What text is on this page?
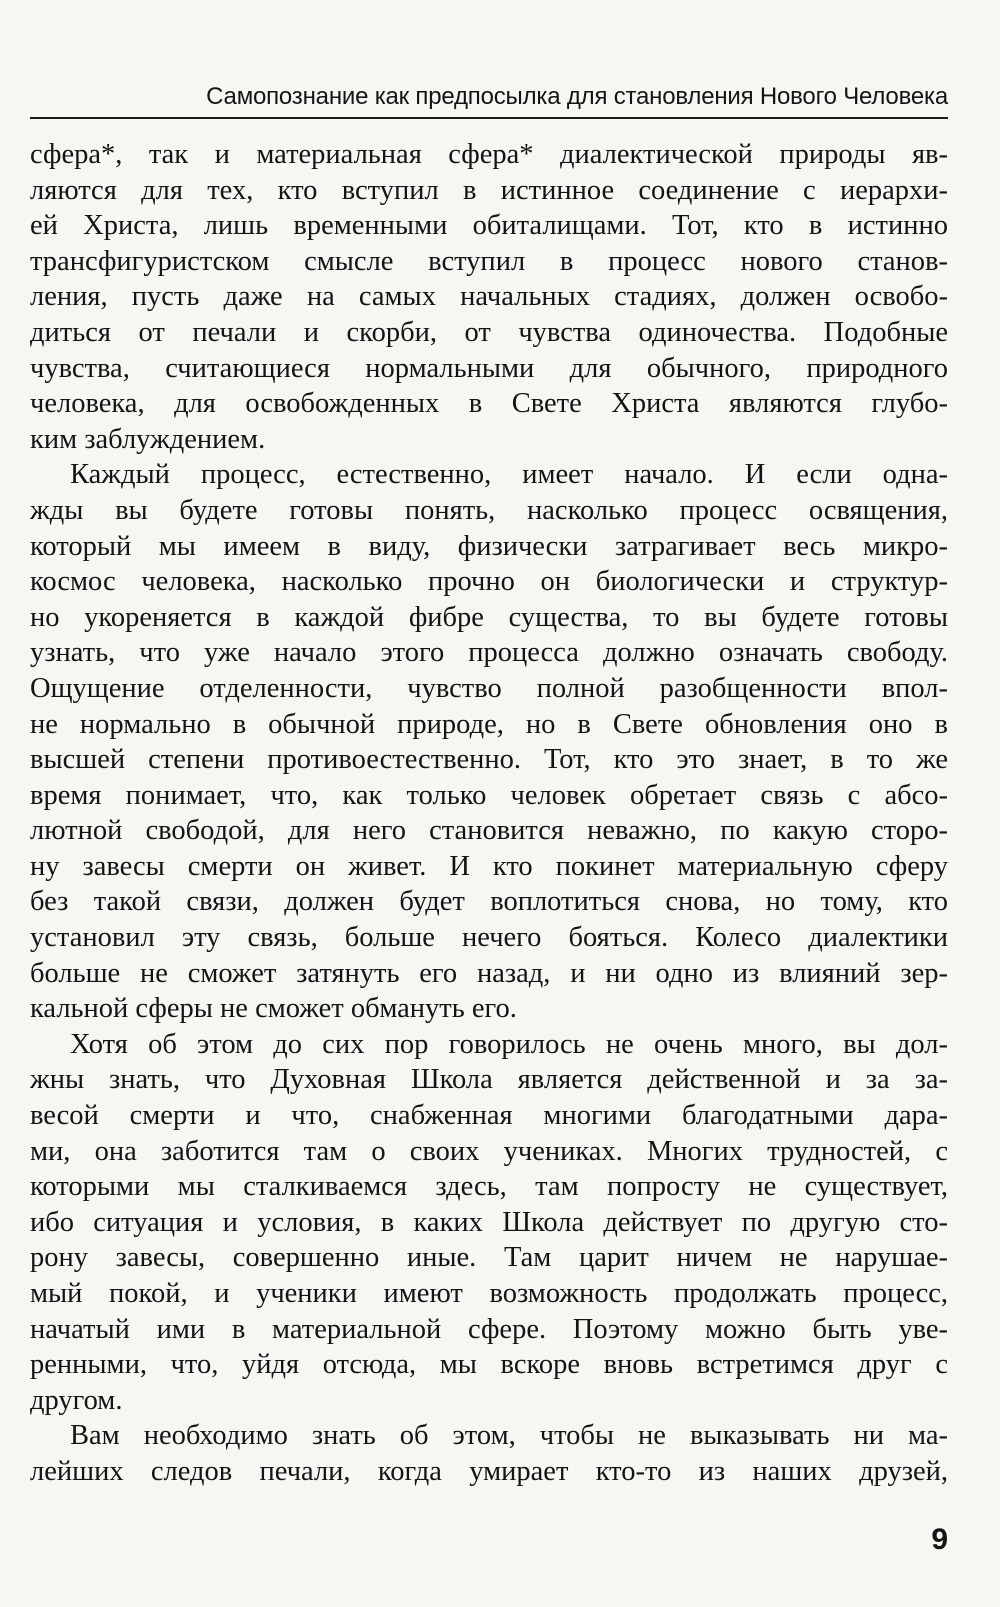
Самопознание как предпосылка для становления Нового Человека
сфера*, так и материальная сфера* диалектической природы яв-
ляются для тех, кто вступил в истинное соединение с иерархи-
ей Христа, лишь временными обиталищами. Тот, кто в истинно
трансфигуристском смысле вступил в процесс нового станов-
ления, пусть даже на самых начальных стадиях, должен освобо-
диться от печали и скорби, от чувства одиночества. Подобные
чувства, считающиеся нормальными для обычного, природного
человека, для освобожденных в Свете Христа являются глубо-
ким заблуждением.
Каждый процесс, естественно, имеет начало. И если одна-
жды вы будете готовы понять, насколько процесс освящения,
который мы имеем в виду, физически затрагивает весь микро-
космос человека, насколько прочно он биологически и структур-
но укореняется в каждой фибре существа, то вы будете готовы
узнать, что уже начало этого процесса должно означать свободу.
Ощущение отделенности, чувство полной разобщенности впол-
не нормально в обычной природе, но в Свете обновления оно в
высшей степени противоестественно. Тот, кто это знает, в то же
время понимает, что, как только человек обретает связь с абсо-
лютной свободой, для него становится неважно, по какую сторо-
ну завесы смерти он живет. И кто покинет материальную сферу
без такой связи, должен будет воплотиться снова, но тому, кто
установил эту связь, больше нечего бояться. Колесо диалектики
больше не сможет затянуть его назад, и ни одно из влияний зер-
кальной сферы не сможет обмануть его.
Хотя об этом до сих пор говорилось не очень много, вы дол-
жны знать, что Духовная Школа является действенной и за за-
весой смерти и что, снабженная многими благодатными дара-
ми, она заботится там о своих учениках. Многих трудностей, с
которыми мы сталкиваемся здесь, там попросту не существует,
ибо ситуация и условия, в каких Школа действует по другую сто-
рону завесы, совершенно иные. Там царит ничем не нарушае-
мый покой, и ученики имеют возможность продолжать процесс,
начатый ими в материальной сфере. Поэтому можно быть уве-
ренными, что, уйдя отсюда, мы вскоре вновь встретимся друг с
другом.
Вам необходимо знать об этом, чтобы не выказывать ни ма-
лейших следов печали, когда умирает кто-то из наших друзей,
9
